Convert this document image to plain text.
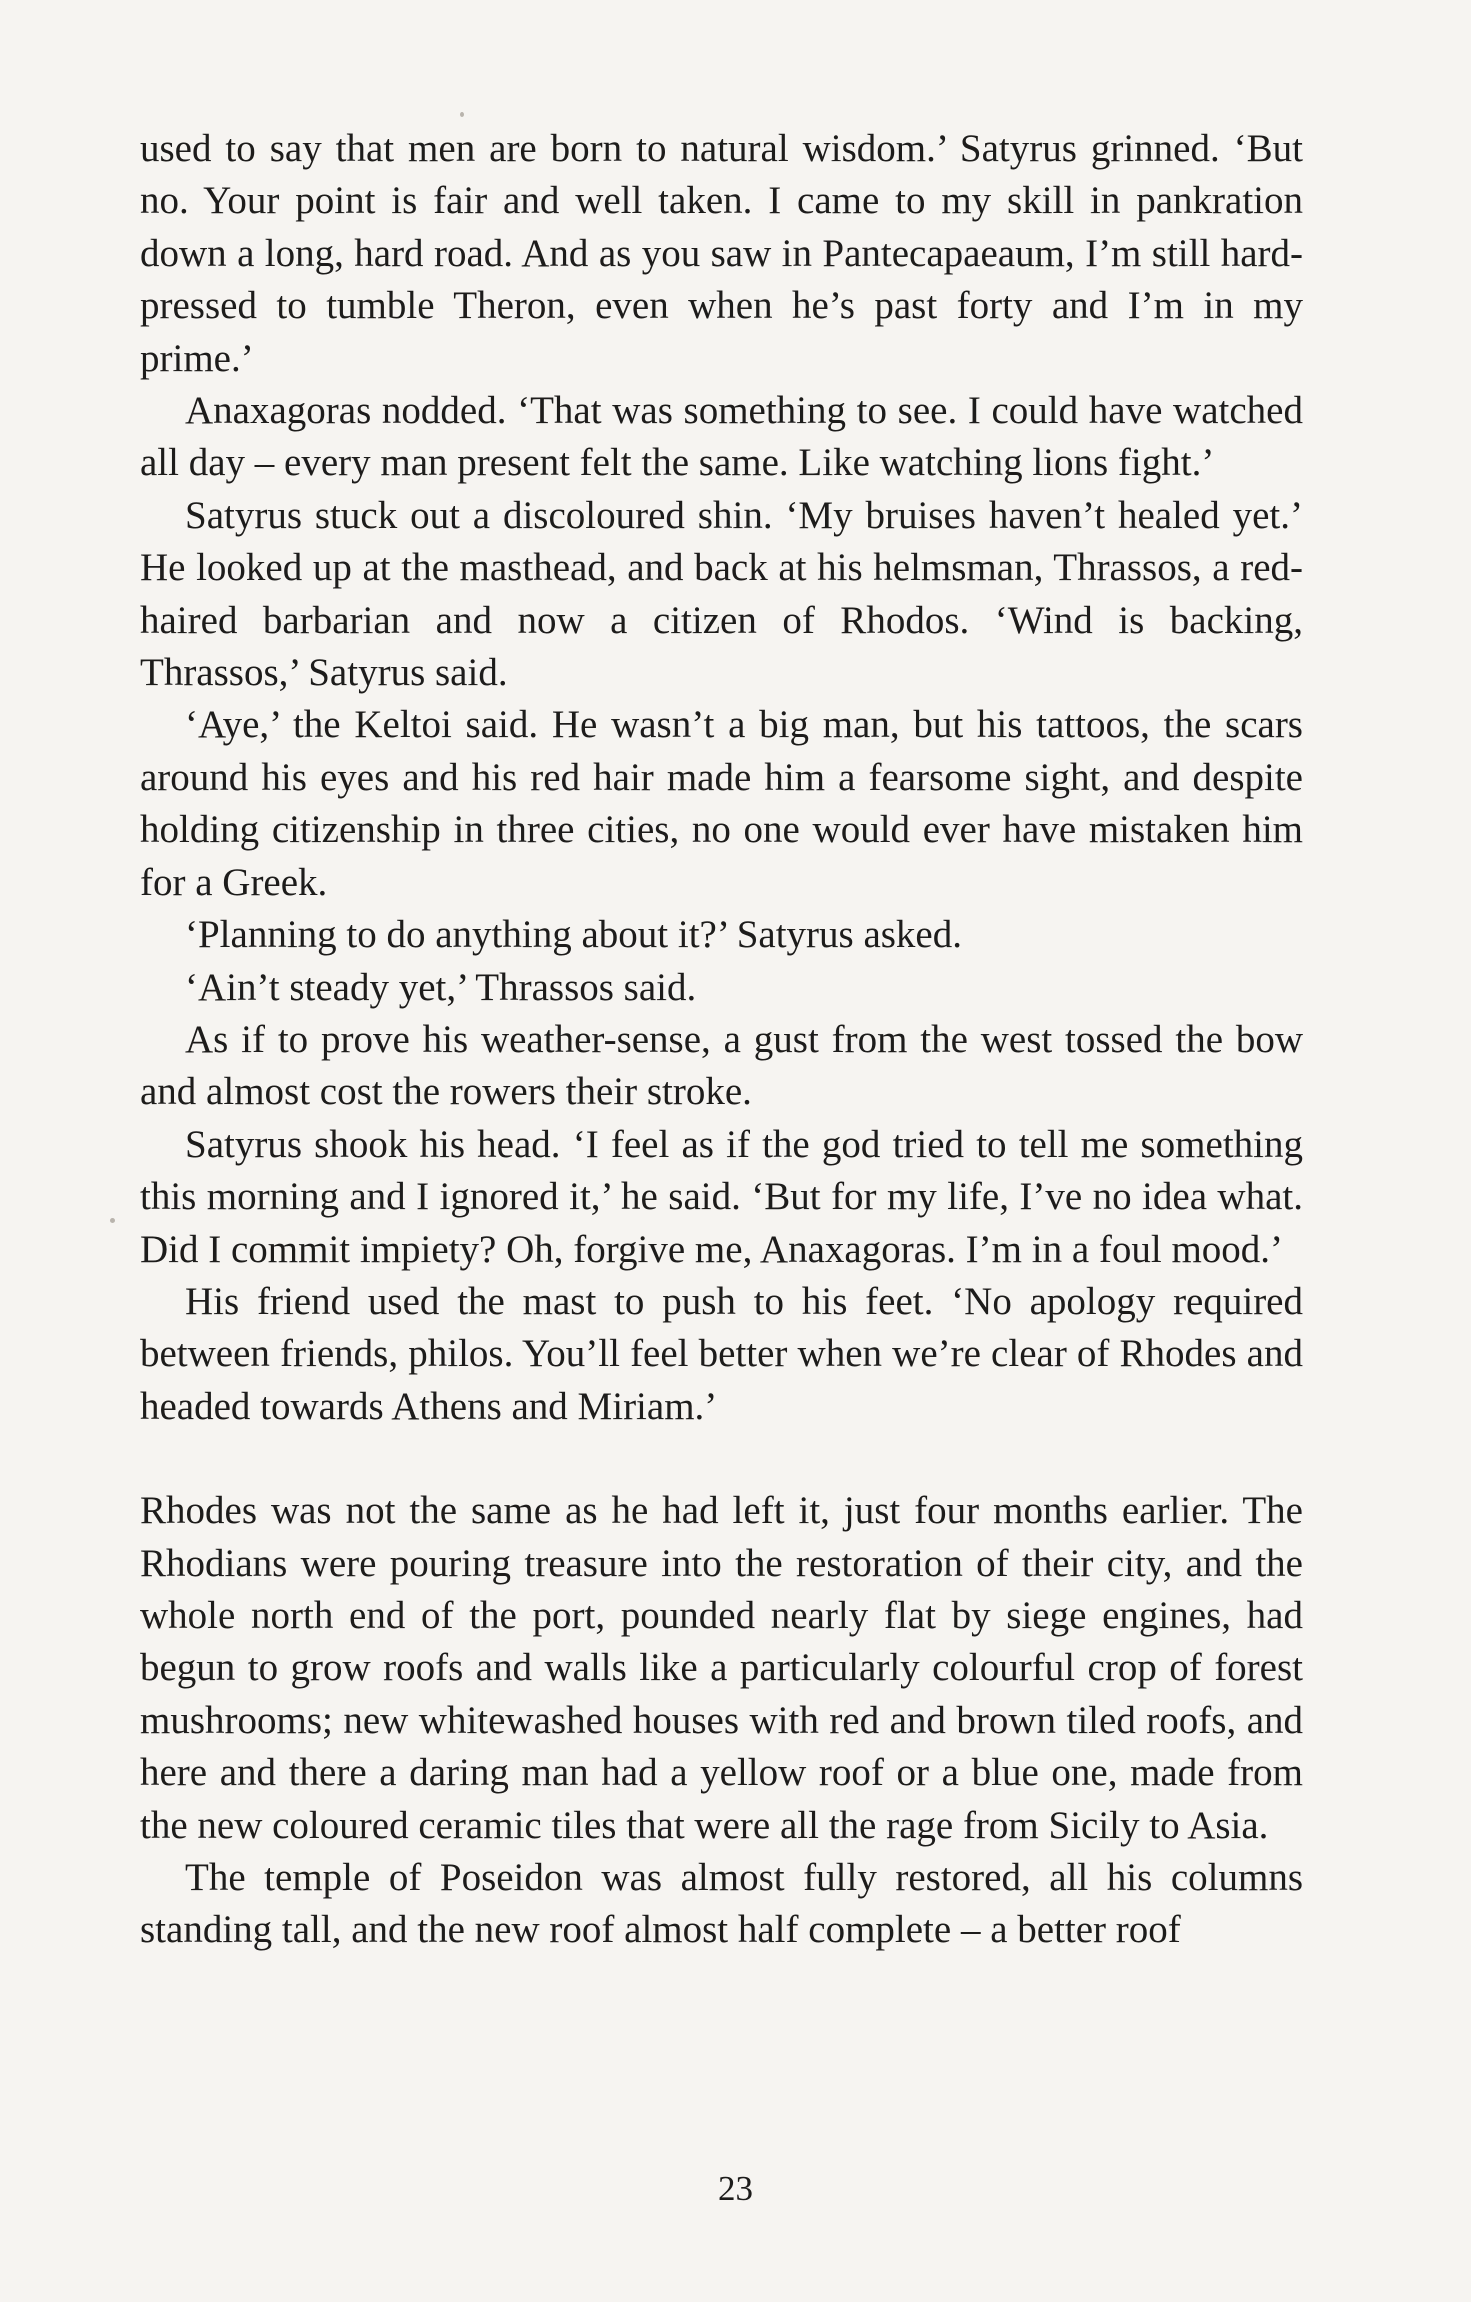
used to say that men are born to natural wisdom.’ Satyrus grinned. ‘But no. Your point is fair and well taken. I came to my skill in pankration down a long, hard road. And as you saw in Pantecapaeaum, I’m still hard-pressed to tumble Theron, even when he’s past forty and I’m in my prime.’

Anaxagoras nodded. ‘That was something to see. I could have watched all day – every man present felt the same. Like watching lions fight.’

Satyrus stuck out a discoloured shin. ‘My bruises haven’t healed yet.’ He looked up at the masthead, and back at his helmsman, Thrassos, a red-haired barbarian and now a citizen of Rhodos. ‘Wind is backing, Thrassos,’ Satyrus said.

‘Aye,’ the Keltoi said. He wasn’t a big man, but his tattoos, the scars around his eyes and his red hair made him a fearsome sight, and despite holding citizenship in three cities, no one would ever have mistaken him for a Greek.

‘Planning to do anything about it?’ Satyrus asked.

‘Ain’t steady yet,’ Thrassos said.

As if to prove his weather-sense, a gust from the west tossed the bow and almost cost the rowers their stroke.

Satyrus shook his head. ‘I feel as if the god tried to tell me something this morning and I ignored it,’ he said. ‘But for my life, I’ve no idea what. Did I commit impiety? Oh, forgive me, Anaxagoras. I’m in a foul mood.’

His friend used the mast to push to his feet. ‘No apology required between friends, philos. You’ll feel better when we’re clear of Rhodes and headed towards Athens and Miriam.’

Rhodes was not the same as he had left it, just four months earlier. The Rhodians were pouring treasure into the restoration of their city, and the whole north end of the port, pounded nearly flat by siege engines, had begun to grow roofs and walls like a particularly colourful crop of forest mushrooms; new whitewashed houses with red and brown tiled roofs, and here and there a daring man had a yellow roof or a blue one, made from the new coloured ceramic tiles that were all the rage from Sicily to Asia.

The temple of Poseidon was almost fully restored, all his columns standing tall, and the new roof almost half complete – a better roof

23
